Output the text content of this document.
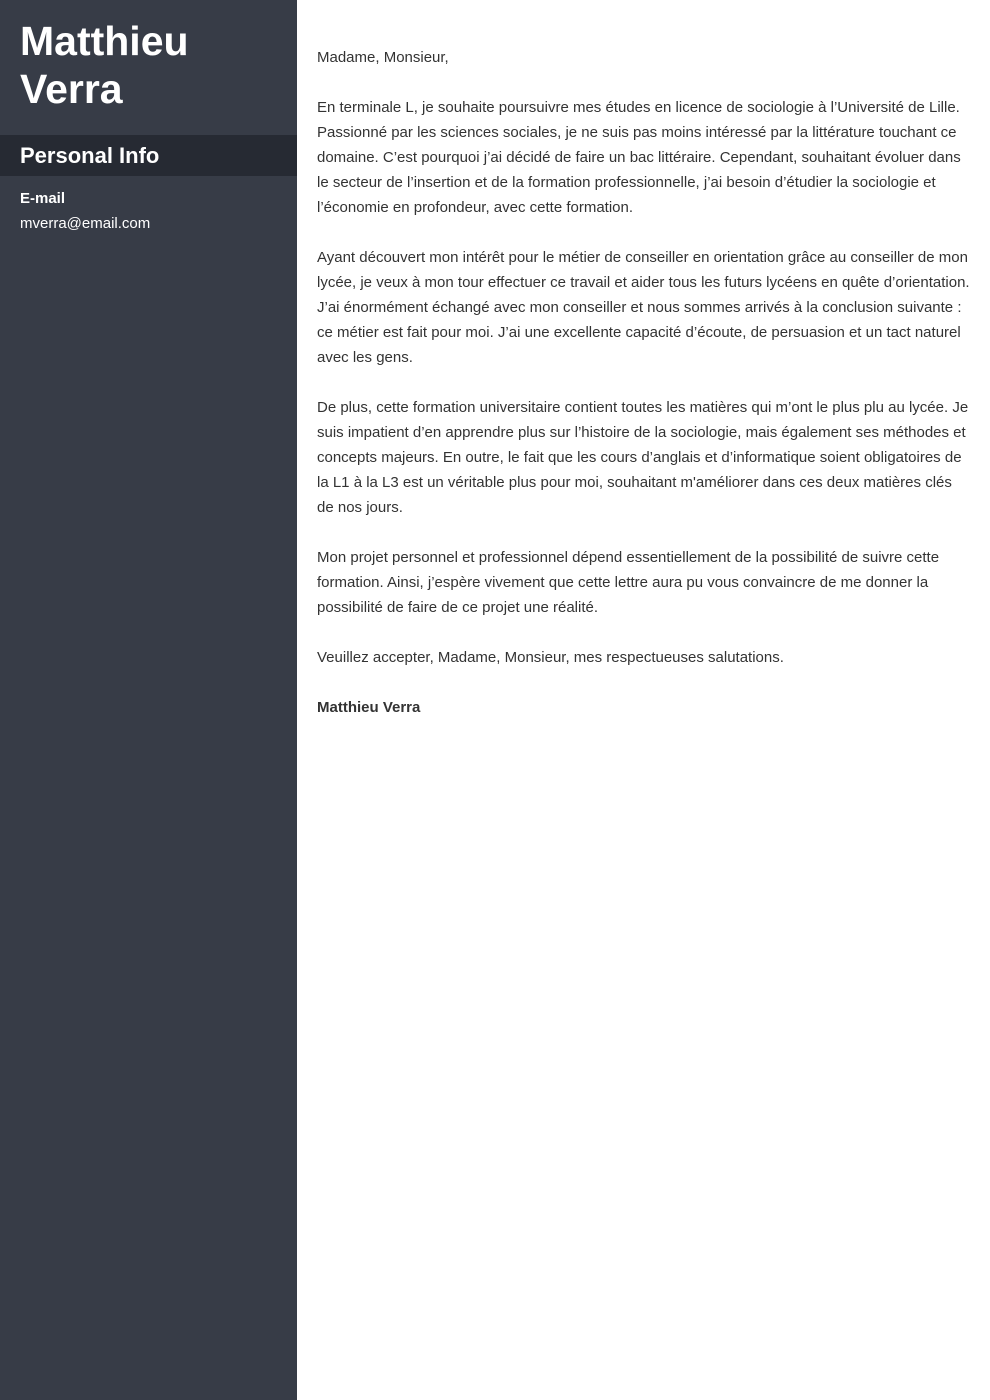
Matthieu
Verra
Personal Info
E-mail
mverra@email.com

Madame, Monsieur,

En terminale L, je souhaite poursuivre mes études en licence de sociologie à l’Université de Lille. Passionné par les sciences sociales, je ne suis pas moins intéressé par la littérature touchant ce domaine. C’est pourquoi j’ai décidé de faire un bac littéraire. Cependant, souhaitant évoluer dans le secteur de l’insertion et de la formation professionnelle, j’ai besoin d’étudier la sociologie et l’économie en profondeur, avec cette formation.

Ayant découvert mon intérêt pour le métier de conseiller en orientation grâce au conseiller de mon lycée, je veux à mon tour effectuer ce travail et aider tous les futurs lycéens en quête d’orientation. J’ai énormément échangé avec mon conseiller et nous sommes arrivés à la conclusion suivante : ce métier est fait pour moi. J’ai une excellente capacité d’écoute, de persuasion et un tact naturel avec les gens.

De plus, cette formation universitaire contient toutes les matières qui m’ont le plus plu au lycée. Je suis impatient d’en apprendre plus sur l’histoire de la sociologie, mais également ses méthodes et concepts majeurs. En outre, le fait que les cours d’anglais et d’informatique soient obligatoires de la L1 à la L3 est un véritable plus pour moi, souhaitant m'améliorer dans ces deux matières clés de nos jours.

Mon projet personnel et professionnel dépend essentiellement de la possibilité de suivre cette formation. Ainsi, j’espère vivement que cette lettre aura pu vous convaincre de me donner la possibilité de faire de ce projet une réalité.

Veuillez accepter, Madame, Monsieur, mes respectueuses salutations.

Matthieu Verra
